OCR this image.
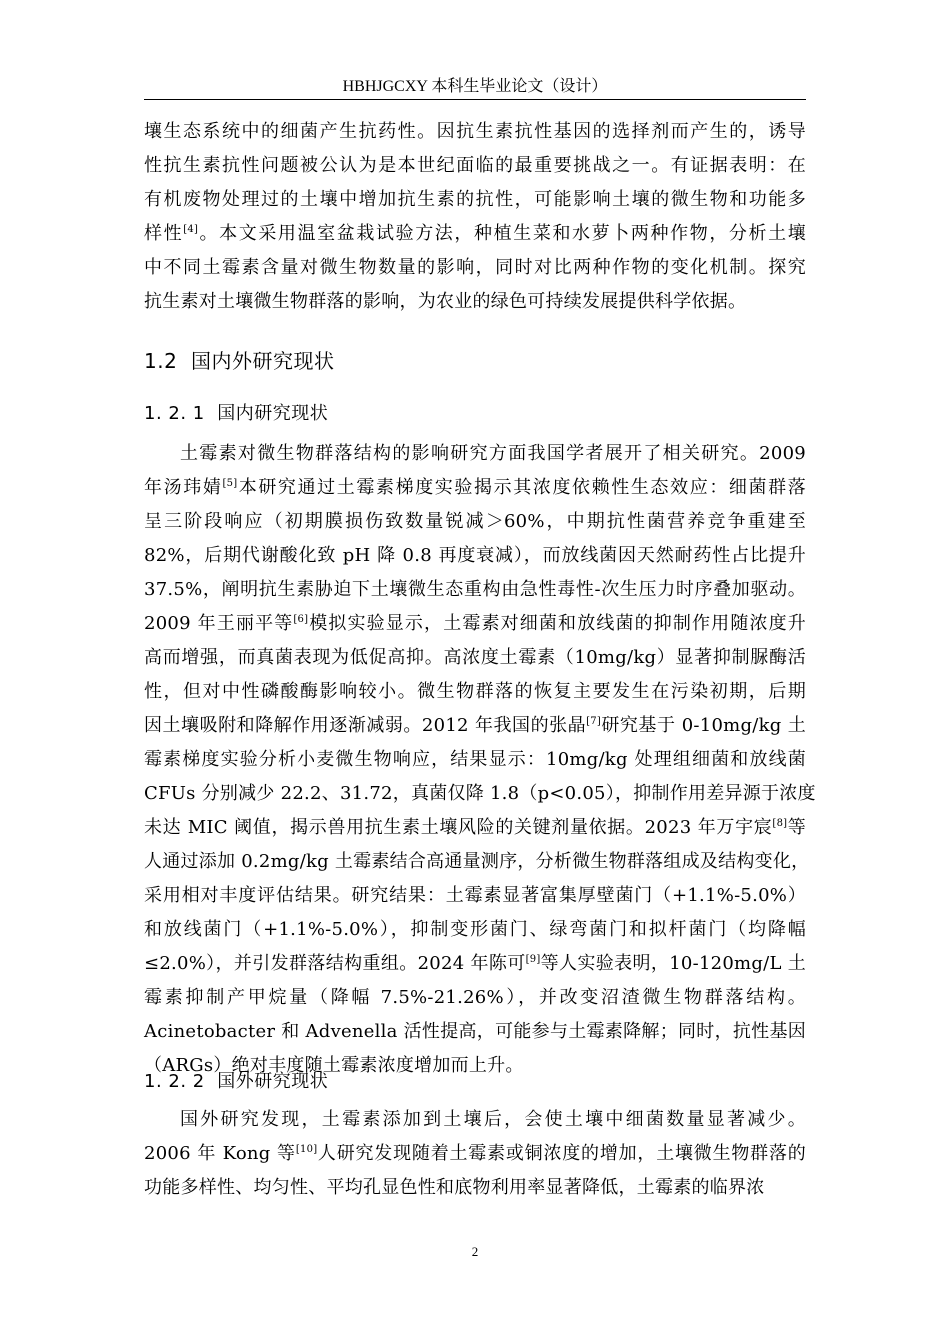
HBHJGCXY 本科生毕业论文（设计）
壤生态系统中的细菌产生抗药性。因抗生素抗性基因的选择剂而产生的，诱导
性抗生素抗性问题被公认为是本世纪面临的最重要挑战之一。有证据表明：在
有机废物处理过的土壤中增加抗生素的抗性，可能影响土壤的微生物和功能多
样性[4]。本文采用温室盆栽试验方法，种植生菜和水萝卜两种作物，分析土壤
中不同土霉素含量对微生物数量的影响，同时对比两种作物的变化机制。探究
抗生素对土壤微生物群落的影响，为农业的绿色可持续发展提供科学依据。
1.2 国内外研究现状
1. 2. 1 国内研究现状
土霉素对微生物群落结构的影响研究方面我国学者展开了相关研究。2009
年汤玮婧[5]本研究通过土霉素梯度实验揭示其浓度依赖性生态效应：细菌群落
呈三阶段响应（初期膜损伤致数量锐减＞60%，中期抗性菌营养竞争重建至
82%，后期代谢酸化致 pH 降 0.8 再度衰减），而放线菌因天然耐药性占比提升
37.5%，阐明抗生素胁迫下土壤微生态重构由急性毒性-次生压力时序叠加驱动。
2009 年王丽平等[6]模拟实验显示，土霉素对细菌和放线菌的抑制作用随浓度升
高而增强，而真菌表现为低促高抑。高浓度土霉素（10mg/kg）显著抑制脲酶活
性，但对中性磷酸酶影响较小。微生物群落的恢复主要发生在污染初期，后期
因土壤吸附和降解作用逐渐减弱。2012 年我国的张晶[7]研究基于 0-10mg/kg 土
霉素梯度实验分析小麦微生物响应，结果显示：10mg/kg 处理组细菌和放线菌
CFUs 分别减少 22.2、31.72，真菌仅降 1.8（p<0.05），抑制作用差异源于浓度
未达 MIC 阈值，揭示兽用抗生素土壤风险的关键剂量依据。2023 年万宇宸[8]等
人通过添加 0.2mg/kg 土霉素结合高通量测序，分析微生物群落组成及结构变化，
采用相对丰度评估结果。研究结果：土霉素显著富集厚壁菌门（+1.1%-5.0%）
和放线菌门（+1.1%-5.0%），抑制变形菌门、绿弯菌门和拟杆菌门（均降幅
≤2.0%），并引发群落结构重组。2024 年陈可[9]等人实验表明，10-120mg/L 土
霉素抑制产甲烷量（降幅 7.5%-21.26%），并改变沼渣微生物群落结构。
Acinetobacter 和 Advenella 活性提高，可能参与土霉素降解；同时，抗性基因
（ARGs）绝对丰度随土霉素浓度增加而上升。
1. 2. 2 国外研究现状
国外研究发现，土霉素添加到土壤后，会使土壤中细菌数量显著减少。
2006 年 Kong 等[10]人研究发现随着土霉素或铜浓度的增加，土壤微生物群落的
功能多样性、均匀性、平均孔显色性和底物利用率显著降低，土霉素的临界浓
2
